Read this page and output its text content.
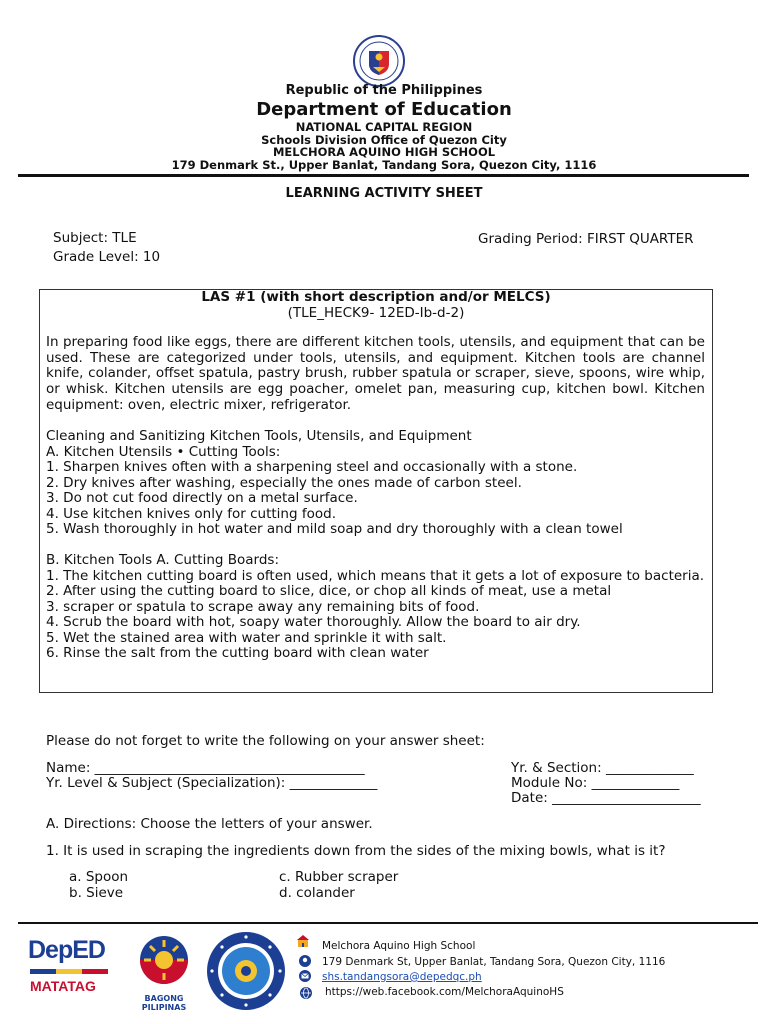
Republic of the Philippines
Department of Education
NATIONAL CAPITAL REGION
Schools Division Office of Quezon City
MELCHORA AQUINO HIGH SCHOOL
179 Denmark St., Upper Banlat, Tandang Sora, Quezon City, 1116
LEARNING ACTIVITY SHEET
Subject: TLE
Grade Level: 10
Grading Period: FIRST QUARTER
LAS #1 (with short description and/or MELCS)
(TLE_HECK9- 12ED-Ib-d-2)

In preparing food like eggs, there are different kitchen tools, utensils, and equipment that can be used. These are categorized under tools, utensils, and equipment. Kitchen tools are channel knife, colander, offset spatula, pastry brush, rubber spatula or scraper, sieve, spoons, wire whip, or whisk. Kitchen utensils are egg poacher, omelet pan, measuring cup, kitchen bowl. Kitchen equipment: oven, electric mixer, refrigerator.

Cleaning and Sanitizing Kitchen Tools, Utensils, and Equipment
A. Kitchen Utensils • Cutting Tools:
1. Sharpen knives often with a sharpening steel and occasionally with a stone.
2. Dry knives after washing, especially the ones made of carbon steel.
3. Do not cut food directly on a metal surface.
4. Use kitchen knives only for cutting food.
5. Wash thoroughly in hot water and mild soap and dry thoroughly with a clean towel
B. Kitchen Tools A. Cutting Boards:
1. The kitchen cutting board is often used, which means that it gets a lot of exposure to bacteria.
2. After using the cutting board to slice, dice, or chop all kinds of meat, use a metal
3. scraper or spatula to scrape away any remaining bits of food.
4. Scrub the board with hot, soapy water thoroughly. Allow the board to air dry.
5. Wet the stained area with water and sprinkle it with salt.
6. Rinse the salt from the cutting board with clean water
Please do not forget to write the following on your answer sheet:
Name: ________________________________________
Yr. Level & Subject (Specialization): _____________
Yr. & Section: _____________
Module No: _____________
Date: ______________________
A. Directions: Choose the letters of your answer.
1. It is used in scraping the ingredients down from the sides of the mixing bowls, what is it?
a. Spoon
b. Sieve
c. Rubber scraper
d. colander
DepED
MATATAG
BAGONG PILIPINAS
Melchora Aquino High School
179 Denmark St, Upper Banlat, Tandang Sora, Quezon City, 1116
shs.tandangsora@depedqc.ph
https://web.facebook.com/MelchoraAquinoHS
